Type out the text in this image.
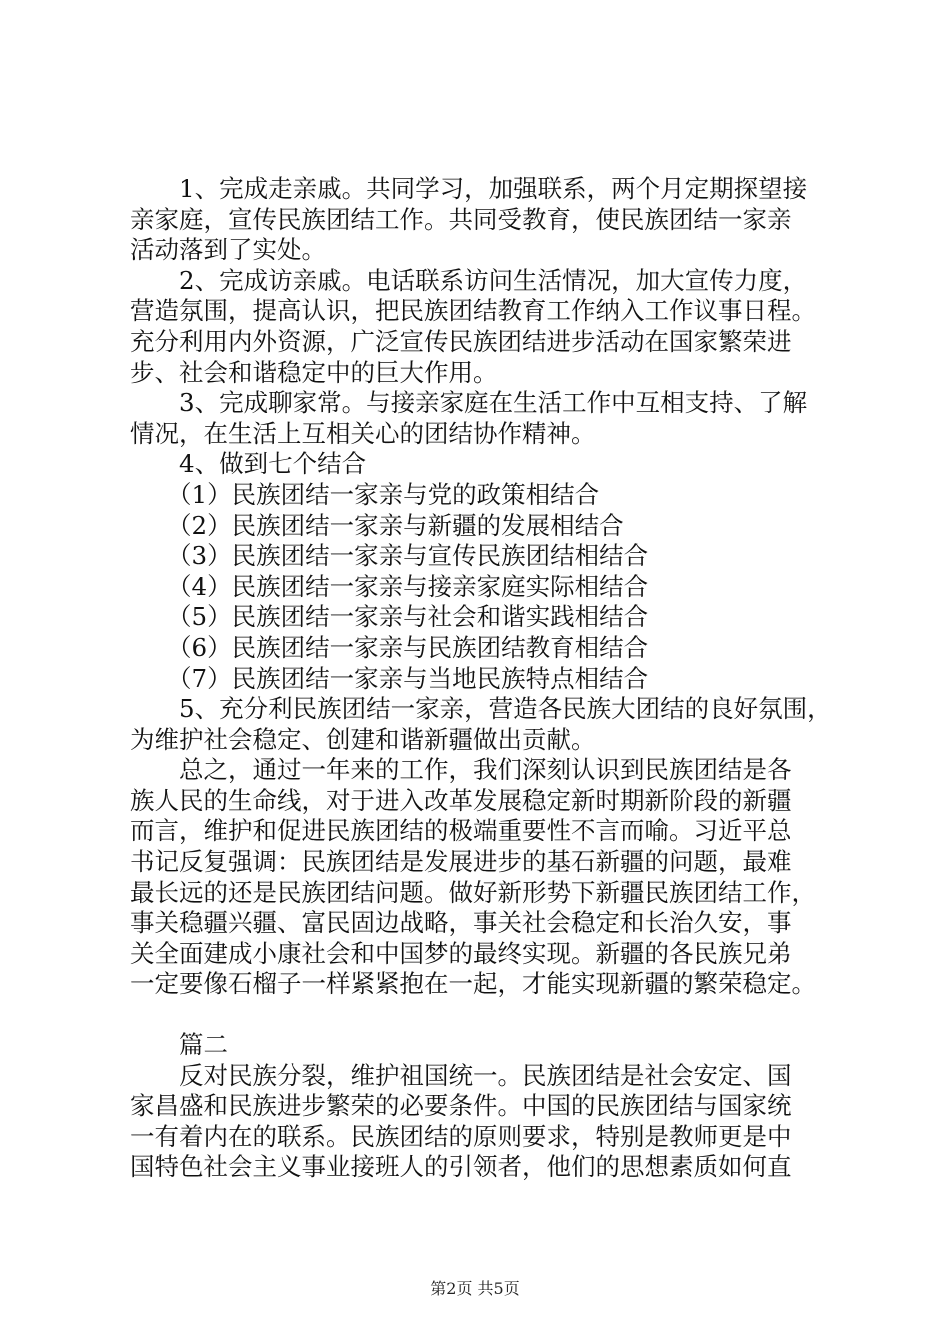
1、完成走亲戚。共同学习，加强联系，两个月定期探望接

亲家庭，宣传民族团结工作。共同受教育，使民族团结一家亲

活动落到了实处。

2、完成访亲戚。电话联系访问生活情况，加大宣传力度，

营造氛围，提高认识，把民族团结教育工作纳入工作议事日程。

充分利用内外资源，广泛宣传民族团结进步活动在国家繁荣进

步、社会和谐稳定中的巨大作用。

3、完成聊家常。与接亲家庭在生活工作中互相支持、了解

情况，在生活上互相关心的团结协作精神。

4、做到七个结合

（1）民族团结一家亲与党的政策相结合

（2）民族团结一家亲与新疆的发展相结合

（3）民族团结一家亲与宣传民族团结相结合

（4）民族团结一家亲与接亲家庭实际相结合

（5）民族团结一家亲与社会和谐实践相结合

（6）民族团结一家亲与民族团结教育相结合

（7）民族团结一家亲与当地民族特点相结合

5、充分利民族团结一家亲，营造各民族大团结的良好氛围，

为维护社会稳定、创建和谐新疆做出贡献。

总之，通过一年来的工作，我们深刻认识到民族团结是各

族人民的生命线，对于进入改革发展稳定新时期新阶段的新疆

而言，维护和促进民族团结的极端重要性不言而喻。习近平总

书记反复强调：民族团结是发展进步的基石新疆的问题，最难

最长远的还是民族团结问题。做好新形势下新疆民族团结工作，

事关稳疆兴疆、富民固边战略，事关社会稳定和长治久安，事

关全面建成小康社会和中国梦的最终实现。新疆的各民族兄弟

一定要像石榴子一样紧紧抱在一起，才能实现新疆的繁荣稳定。

篇二

反对民族分裂，维护祖国统一。民族团结是社会安定、国

家昌盛和民族进步繁荣的必要条件。中国的民族团结与国家统

一有着内在的联系。民族团结的原则要求，特别是教师更是中

国特色社会主义事业接班人的引领者，他们的思想素质如何直

第2页 共5页
